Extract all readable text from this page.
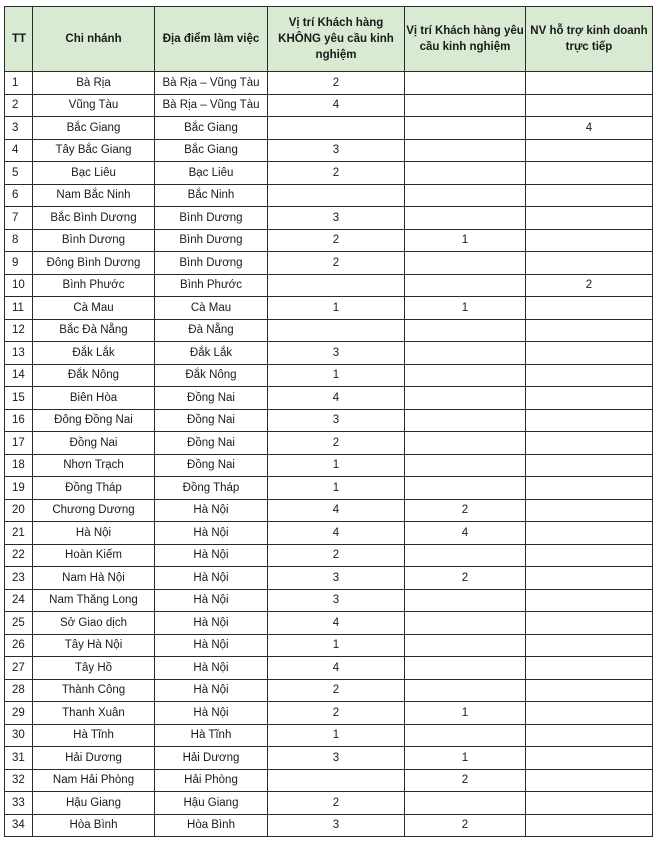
TT	Chi nhánh	Địa điểm làm việc	Vị trí Khách hàng KHÔNG yêu cầu kinh nghiệm	Vị trí Khách hàng yêu cầu kinh nghiệm	NV hỗ trợ kinh doanh trực tiếp
1	Bà Rịa	Bà Rịa – Vũng Tàu	2		
2	Vũng Tàu	Bà Rịa – Vũng Tàu	4		
3	Bắc Giang	Bắc Giang			4
4	Tây Bắc Giang	Bắc Giang	3		
5	Bạc Liêu	Bạc Liêu	2		
6	Nam Bắc Ninh	Bắc Ninh			
7	Bắc Bình Dương	Bình Dương	3		
8	Bình Dương	Bình Dương	2	1	
9	Đông Bình Dương	Bình Dương	2		
10	Bình Phước	Bình Phước			2
11	Cà Mau	Cà Mau	1	1	
12	Bắc Đà Nẵng	Đà Nẵng			
13	Đắk Lắk	Đắk Lắk	3		
14	Đắk Nông	Đắk Nông	1		
15	Biên Hòa	Đồng Nai	4		
16	Đông Đồng Nai	Đồng Nai	3		
17	Đồng Nai	Đồng Nai	2		
18	Nhơn Trạch	Đồng Nai	1		
19	Đồng Tháp	Đồng Tháp	1		
20	Chương Dương	Hà Nội	4	2	
21	Hà Nội	Hà Nội	4	4	
22	Hoàn Kiếm	Hà Nội	2		
23	Nam Hà Nội	Hà Nội	3	2	
24	Nam Thăng Long	Hà Nội	3		
25	Sở Giao dịch	Hà Nội	4		
26	Tây Hà Nội	Hà Nội	1		
27	Tây Hồ	Hà Nội	4		
28	Thành Công	Hà Nội	2		
29	Thanh Xuân	Hà Nội	2	1	
30	Hà Tĩnh	Hà Tĩnh	1		
31	Hải Dương	Hải Dương	3	1	
32	Nam Hải Phòng	Hải Phòng		2	
33	Hậu Giang	Hậu Giang	2		
34	Hòa Bình	Hòa Bình	3	2	
